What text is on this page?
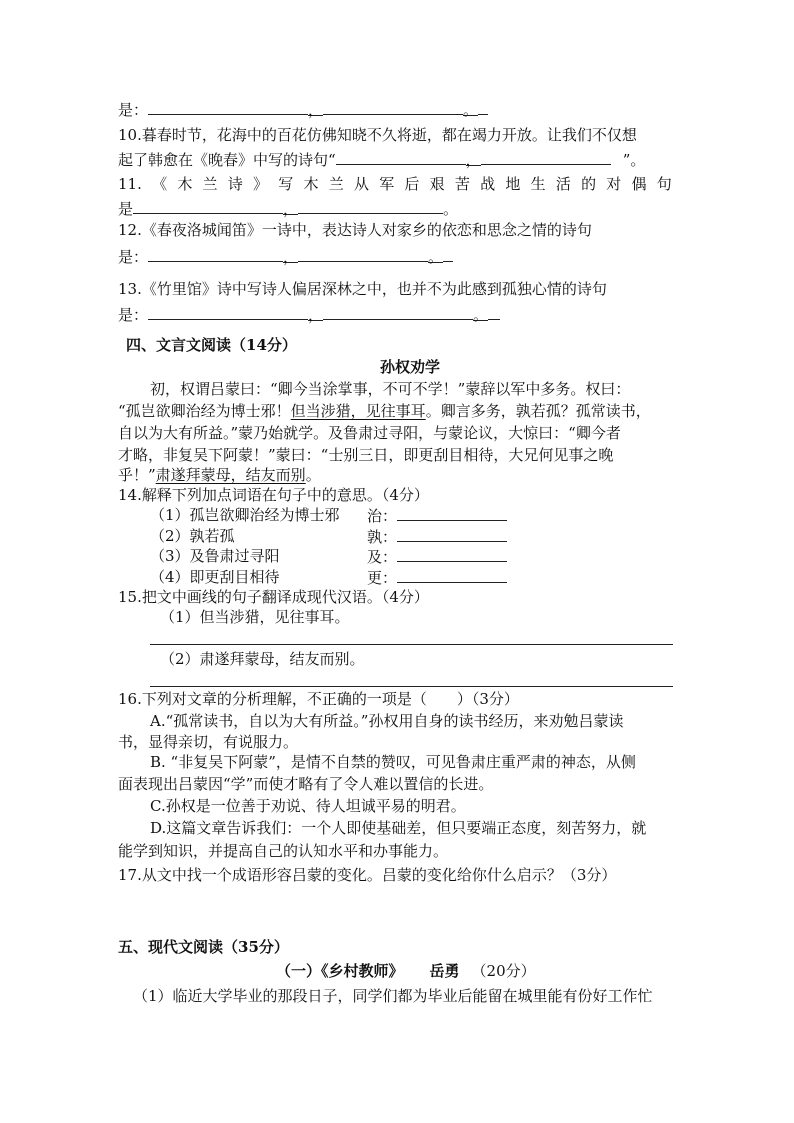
是：	，	。
10.暮春时节，花海中的百花仿佛知晓不久将逝，都在竭力开放。让我们不仅想
起了韩愈在《晚春》中写的诗句“	，	”。
11. 《 木 兰 诗 》 写 木 兰 从 军 后 艰 苦 战 地 生 活 的 对 偶 句
是	，	。
12.《春夜洛城闻笛》一诗中，表达诗人对家乡的依恋和思念之情的诗句
是：	，	。
13.《竹里馆》诗中写诗人偏居深林之中，也并不为此感到孤独心情的诗句
是：	，	。
四、文言文阅读（14分）
孙权劝学
初，权谓吕蒙曰：“卿今当涂掌事，不可不学！”蒙辞以军中多务。权曰：
“孤岂欲卿治经为博士邪！但当涉猎，见往事耳。卿言多务，孰若孤？孤常读书，
自以为大有所益。”蒙乃始就学。及鲁肃过寻阳，与蒙论议，大惊曰：“卿今者
才略，非复吴下阿蒙！”蒙曰：“士别三日，即更刮目相待，大兄何见事之晚
乎！”肃遂拜蒙母，结友而别。
14.解释下列加点词语在句子中的意思。（4分）
（1）孤岂欲卿治经为博士邪 治：
（2）孰若孤	孰：
（3）及鲁肃过寻阳	及：
（4）即更刮目相待	更：
15.把文中画线的句子翻译成现代汉语。（4分）
（1）但当涉猎，见往事耳。
（2）肃遂拜蒙母，结友而别。
16.下列对文章的分析理解，不正确的一项是（　　）（3分）
A.“孤常读书，自以为大有所益。”孙权用自身的读书经历，来劝勉吕蒙读
书，显得亲切，有说服力。
B. “非复吴下阿蒙”，是情不自禁的赞叹，可见鲁肃庄重严肃的神态，从侧
面表现出吕蒙因“学”而使才略有了令人难以置信的长进。
C.孙权是一位善于劝说、待人坦诚平易的明君。
D.这篇文章告诉我们：一个人即使基础差，但只要端正态度，刻苦努力，就
能学到知识，并提高自己的认知水平和办事能力。
17.从文中找一个成语形容吕蒙的变化。吕蒙的变化给你什么启示？（3分）
五、现代文阅读（35分）
（一）《乡村教师》 岳勇 （20分）
（1）临近大学毕业的那段日子，同学们都为毕业后能留在城里能有份好工作忙
